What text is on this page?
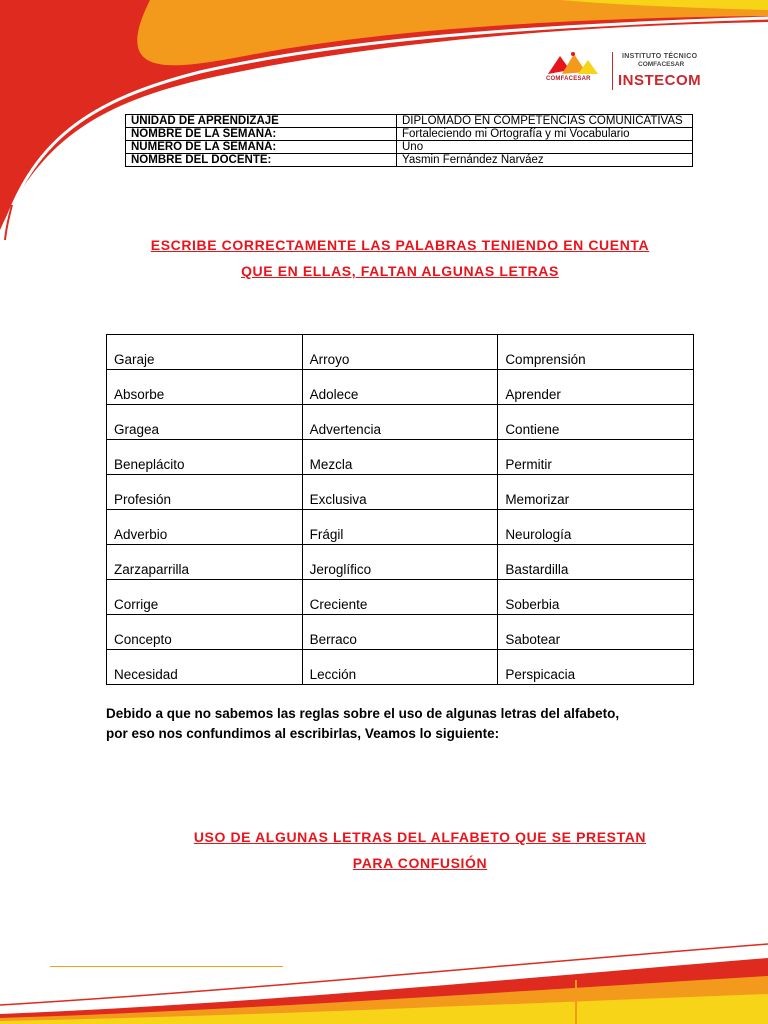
COMFACESAR
INSTITUTO TÉCNICO
COMFACESAR
INSTECOM
UNIDAD DE APRENDIZAJE	DIPLOMADO EN COMPETENCIAS COMUNICATIVAS
NOMBRE DE LA SEMANA:	Fortaleciendo mi Ortografía y mi Vocabulario
NUMERO DE LA SEMANA:	Uno
NOMBRE DEL DOCENTE:	Yasmin Fernández Narváez
ESCRIBE CORRECTAMENTE LAS PALABRAS TENIENDO EN CUENTA
QUE EN ELLAS, FALTAN ALGUNAS LETRAS
Garaje	Arroyo	Comprensión
Absorbe	Adolece	Aprender
Gragea	Advertencia	Contiene
Beneplácito	Mezcla	Permitir
Profesión	Exclusiva	Memorizar
Adverbio	Frágil	Neurología
Zarzaparrilla	Jeroglífico	Bastardilla
Corrige	Creciente	Soberbia
Concepto	Berraco	Sabotear
Necesidad	Lección	Perspicacia
Debido a que no sabemos las reglas sobre el uso de algunas letras del alfabeto,
por eso nos confundimos al escribirlas, Veamos lo siguiente:
USO DE ALGUNAS LETRAS DEL ALFABETO QUE SE PRESTAN
PARA CONFUSIÓN
